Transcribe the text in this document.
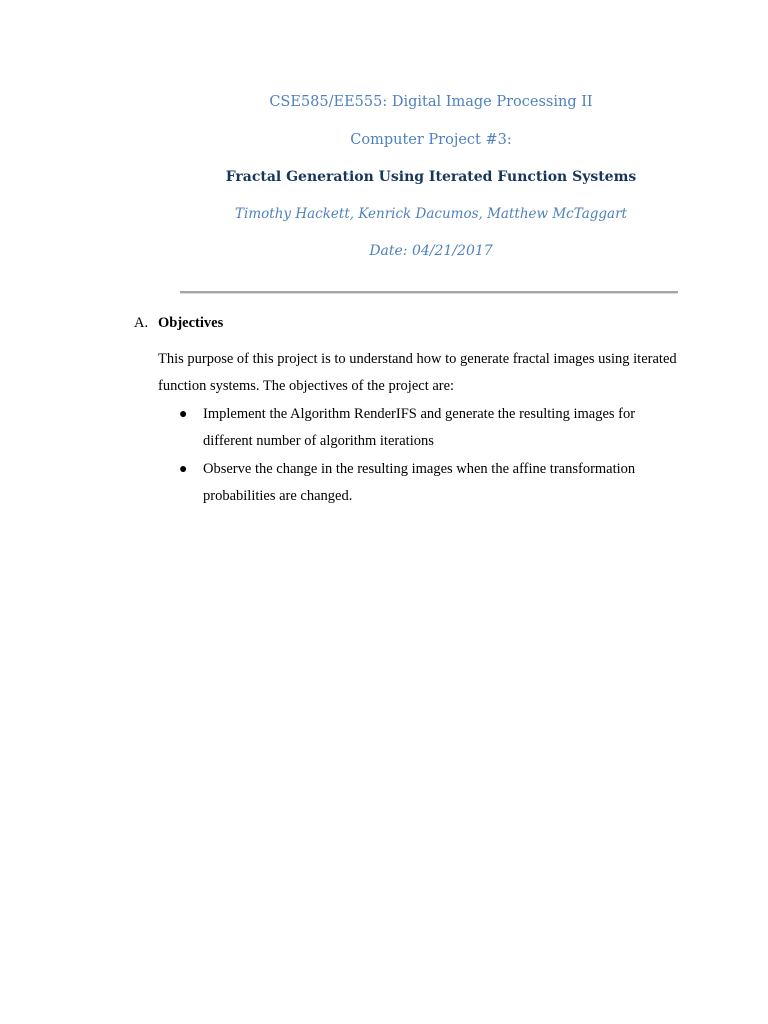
CSE585/EE555: Digital Image Processing II
Computer Project #3:
Fractal Generation Using Iterated Function Systems
Timothy Hackett, Kenrick Dacumos, Matthew McTaggart
Date: 04/21/2017
A. Objectives

This purpose of this project is to understand how to generate fractal images using iterated function systems. The objectives of the project are:

● Implement the Algorithm RenderIFS and generate the resulting images for different number of algorithm iterations
● Observe the change in the resulting images when the affine transformation probabilities are changed.
